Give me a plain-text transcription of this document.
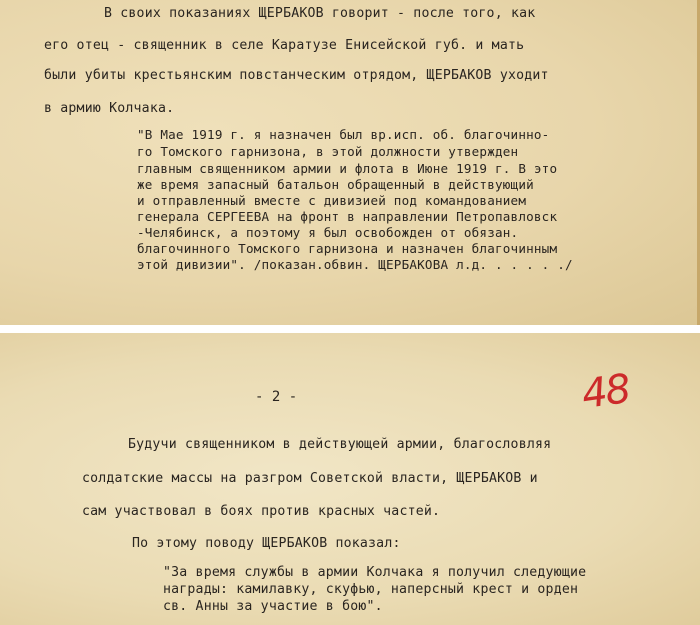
В своих показаниях ЩЕРБАКОВ говорит - после того, как
его отец - священник в селе Каратузе Енисейской губ. и мать
были убиты крестьянским повстанческим отрядом, ЩЕРБАКОВ уходит
в армию Колчака.
"В Мае 1919 г. я назначен был вр.исп. об. благочинно-
го Томского гарнизона, в этой должности утвержден
главным священником армии и флота в Июне 1919 г. В это
же время запасный батальон обращенный в действующий
и отправленный вместе с дивизией под командованием
генерала СЕРГЕЕВА на фронт в направлении Петропавловск
-Челябинск, а поэтому я был освобожден от обязан.
благочинного Томского гарнизона и назначен благочинным
этой дивизии". /показан.обвин. ЩЕРБАКОВА л.д. . . . . ./
- 2 -	48
Будучи священником в действующей армии, благословляя
солдатские массы на разгром Советской власти, ЩЕРБАКОВ и
сам участвовал в боях против красных частей.
По этому поводу ЩЕРБАКОВ показал:
"За время службы в армии Колчака я получил следующие
награды: камилавку, скуфью, наперсный крест и орден
св. Анны за участие в бою".
